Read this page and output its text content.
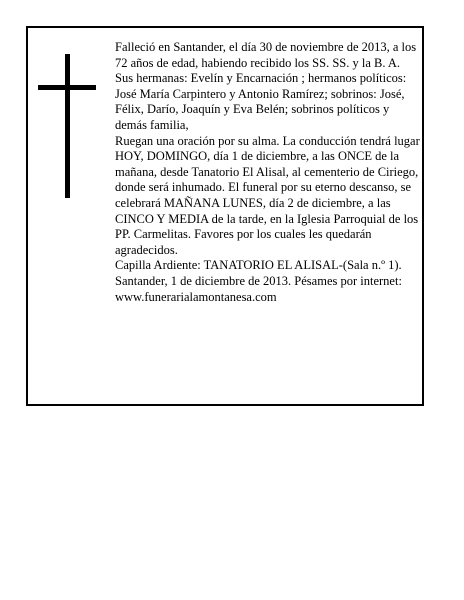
Falleció en Santander, el día 30 de noviembre de 2013, a los 72 años de edad, habiendo recibido los SS. SS. y la B. A.

Sus hermanas: Evelín y Encarnación ; hermanos políticos: José María Carpintero y Antonio Ramírez; sobrinos: José, Félix, Darío, Joaquín y Eva Belén; sobrinos políticos y demás familia,

Ruegan una oración por su alma. La conducción tendrá lugar HOY, DOMINGO, día 1 de diciembre, a las ONCE de la mañana, desde Tanatorio El Alisal, al cementerio de Ciriego, donde será inhumado. El funeral por su eterno descanso, se celebrará MAÑANA LUNES, día 2 de diciembre, a las CINCO Y MEDIA de la tarde, en la Iglesia Parroquial de los PP. Carmelitas. Favores por los cuales les quedarán agradecidos.

Capilla Ardiente: TANATORIO EL ALISAL-(Sala n.º 1).

Santander, 1 de diciembre de 2013. Pésames por internet: www.funerarialamontanesa.com
